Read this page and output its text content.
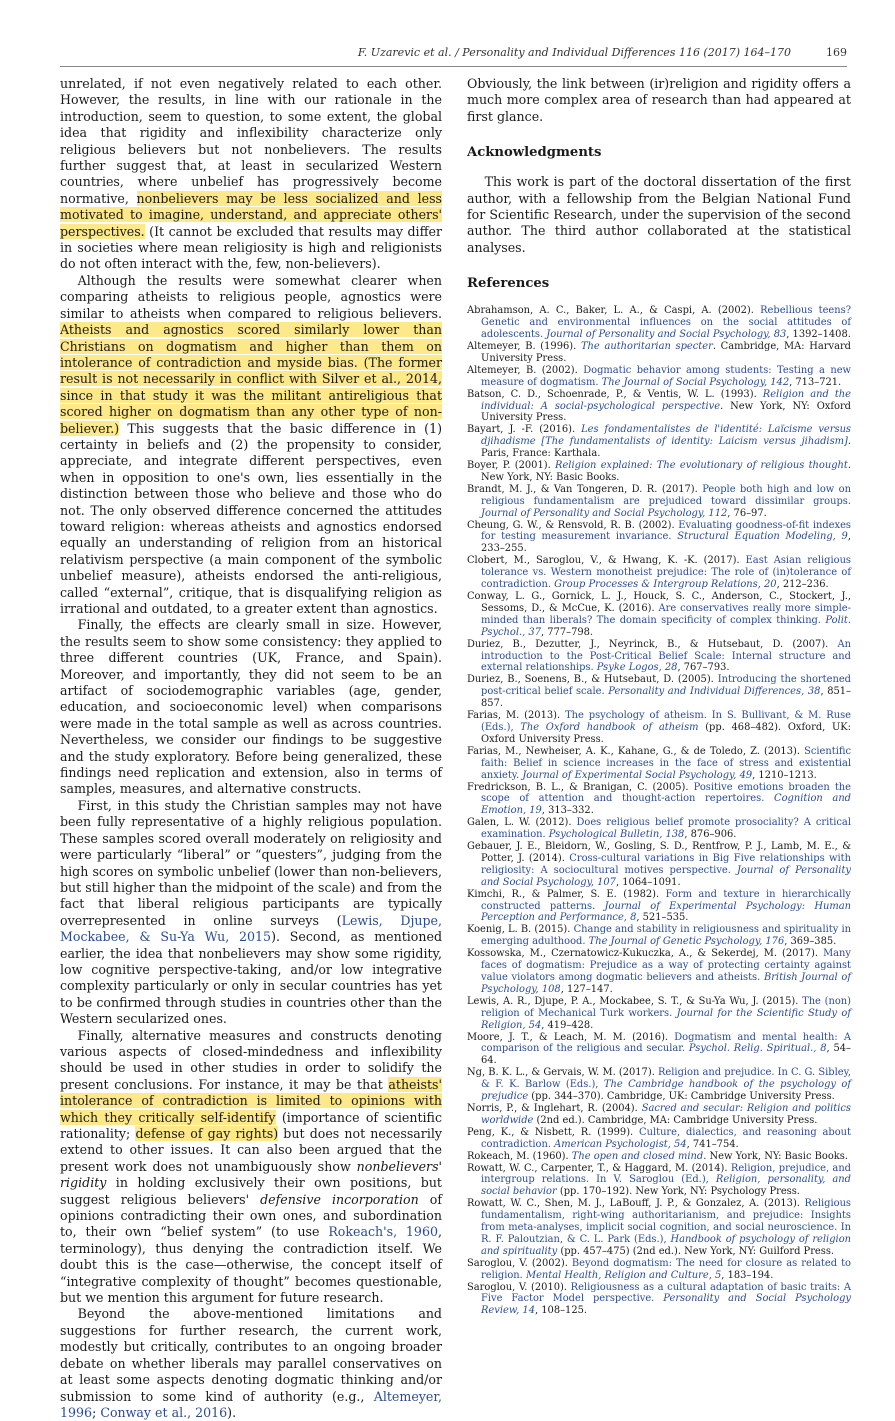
F. Uzarevic et al. / Personality and Individual Differences 116 (2017) 164–170	169

unrelated, if not even negatively related to each other. However, the results, in line with our rationale in the introduction, seem to question, to some extent, the global idea that rigidity and inflexibility characterize only religious believers but not nonbelievers. The results further suggest that, at least in secularized Western countries, where unbelief has progressively become normative, nonbelievers may be less socialized and less motivated to imagine, understand, and appreciate others' perspectives. (It cannot be excluded that results may differ in societies where mean religiosity is high and religionists do not often interact with the, few, non-believers).

Although the results were somewhat clearer when comparing atheists to religious people, agnostics were similar to atheists when compared to religious believers. Atheists and agnostics scored similarly lower than Christians on dogmatism and higher than them on intolerance of contradiction and myside bias. (The former result is not necessarily in conflict with Silver et al., 2014, since in that study it was the militant antireligious that scored higher on dogmatism than any other type of non-believer.) This suggests that the basic difference in (1) certainty in beliefs and (2) the propensity to consider, appreciate, and integrate different perspectives, even when in opposition to one's own, lies essentially in the distinction between those who believe and those who do not. The only observed difference concerned the attitudes toward religion: whereas atheists and agnostics endorsed equally an understanding of religion from an historical relativism perspective (a main component of the symbolic unbelief measure), atheists endorsed the anti-religious, called “external”, critique, that is disqualifying religion as irrational and outdated, to a greater extent than agnostics.

Finally, the effects are clearly small in size. However, the results seem to show some consistency: they applied to three different countries (UK, France, and Spain). Moreover, and importantly, they did not seem to be an artifact of sociodemographic variables (age, gender, education, and socioeconomic level) when comparisons were made in the total sample as well as across countries. Nevertheless, we consider our findings to be suggestive and the study exploratory. Before being generalized, these findings need replication and extension, also in terms of samples, measures, and alternative constructs.

First, in this study the Christian samples may not have been fully representative of a highly religious population. These samples scored overall moderately on religiosity and were particularly “liberal” or “questers”, judging from the high scores on symbolic unbelief (lower than non-believers, but still higher than the midpoint of the scale) and from the fact that liberal religious participants are typically overrepresented in online surveys (Lewis, Djupe, Mockabee, & Su-Ya Wu, 2015). Second, as mentioned earlier, the idea that nonbelievers may show some rigidity, low cognitive perspective-taking, and/or low integrative complexity particularly or only in secular countries has yet to be confirmed through studies in countries other than the Western secularized ones.

Finally, alternative measures and constructs denoting various aspects of closed-mindedness and inflexibility should be used in other studies in order to solidify the present conclusions. For instance, it may be that atheists' intolerance of contradiction is limited to opinions with which they critically self-identify (importance of scientific rationality; defense of gay rights) but does not necessarily extend to other issues. It can also been argued that the present work does not unambiguously show nonbelievers' rigidity in holding exclusively their own positions, but suggest religious believers' defensive incorporation of opinions contradicting their own ones, and subordination to, their own “belief system” (to use Rokeach's, 1960, terminology), thus denying the contradiction itself. We doubt this is the case—otherwise, the concept itself of “integrative complexity of thought” becomes questionable, but we mention this argument for future research.

Beyond the above-mentioned limitations and suggestions for further research, the current work, modestly but critically, contributes to an ongoing broader debate on whether liberals may parallel conservatives on at least some aspects denoting dogmatic thinking and/or submission to some kind of authority (e.g., Altemeyer, 1996; Conway et al., 2016).

Obviously, the link between (ir)religion and rigidity offers a much more complex area of research than had appeared at first glance.

Acknowledgments

This work is part of the doctoral dissertation of the first author, with a fellowship from the Belgian National Fund for Scientific Research, under the supervision of the second author. The third author collaborated at the statistical analyses.

References
Abrahamson, A. C., Baker, L. A., & Caspi, A. (2002). Rebellious teens? Genetic and environmental influences on the social attitudes of adolescents. Journal of Personality and Social Psychology, 83, 1392–1408.
Altemeyer, B. (1996). The authoritarian specter. Cambridge, MA: Harvard University Press.
Altemeyer, B. (2002). Dogmatic behavior among students: Testing a new measure of dogmatism. The Journal of Social Psychology, 142, 713–721.
Batson, C. D., Schoenrade, P., & Ventis, W. L. (1993). Religion and the individual: A social-psychological perspective. New York, NY: Oxford University Press.
Bayart, J. -F. (2016). Les fondamentalistes de l'identité: Laïcisme versus djihadisme [The fundamentalists of identity: Laicism versus jihadism]. Paris, France: Karthala.
Boyer, P. (2001). Religion explained: The evolutionary of religious thought. New York, NY: Basic Books.
Brandt, M. J., & Van Tongeren, D. R. (2017). People both high and low on religious fundamentalism are prejudiced toward dissimilar groups. Journal of Personality and Social Psychology, 112, 76–97.
Cheung, G. W., & Rensvold, R. B. (2002). Evaluating goodness-of-fit indexes for testing measurement invariance. Structural Equation Modeling, 9, 233–255.
Clobert, M., Saroglou, V., & Hwang, K. -K. (2017). East Asian religious tolerance vs. Western monotheist prejudice: The role of (in)tolerance of contradiction. Group Processes & Intergroup Relations, 20, 212–236.
Conway, L. G., Gornick, L. J., Houck, S. C., Anderson, C., Stockert, J., Sessoms, D., & McCue, K. (2016). Are conservatives really more simple-minded than liberals? The domain specificity of complex thinking. Polit. Psychol., 37, 777–798.
Duriez, B., Dezutter, J., Neyrinck, B., & Hutsebaut, D. (2007). An introduction to the Post-Critical Belief Scale: Internal structure and external relationships. Psyke Logos, 28, 767–793.
Duriez, B., Soenens, B., & Hutsebaut, D. (2005). Introducing the shortened post-critical belief scale. Personality and Individual Differences, 38, 851–857.
Farias, M. (2013). The psychology of atheism. In S. Bullivant, & M. Ruse (Eds.), The Oxford handbook of atheism (pp. 468–482). Oxford, UK: Oxford University Press.
Farias, M., Newheiser, A. K., Kahane, G., & de Toledo, Z. (2013). Scientific faith: Belief in science increases in the face of stress and existential anxiety. Journal of Experimental Social Psychology, 49, 1210–1213.
Fredrickson, B. L., & Branigan, C. (2005). Positive emotions broaden the scope of attention and thought-action repertoires. Cognition and Emotion, 19, 313–332.
Galen, L. W. (2012). Does religious belief promote prosociality? A critical examination. Psychological Bulletin, 138, 876–906.
Gebauer, J. E., Bleidorn, W., Gosling, S. D., Rentfrow, P. J., Lamb, M. E., & Potter, J. (2014). Cross-cultural variations in Big Five relationships with religiosity: A sociocultural motives perspective. Journal of Personality and Social Psychology, 107, 1064–1091.
Kimchi, R., & Palmer, S. E. (1982). Form and texture in hierarchically constructed patterns. Journal of Experimental Psychology: Human Perception and Performance, 8, 521–535.
Koenig, L. B. (2015). Change and stability in religiousness and spirituality in emerging adulthood. The Journal of Genetic Psychology, 176, 369–385.
Kossowska, M., Czernatowicz-Kukuczka, A., & Sekerdej, M. (2017). Many faces of dogmatism: Prejudice as a way of protecting certainty against value violators among dogmatic believers and atheists. British Journal of Psychology, 108, 127–147.
Lewis, A. R., Djupe, P. A., Mockabee, S. T., & Su-Ya Wu, J. (2015). The (non) religion of Mechanical Turk workers. Journal for the Scientific Study of Religion, 54, 419–428.
Moore, J. T., & Leach, M. M. (2016). Dogmatism and mental health: A comparison of the religious and secular. Psychol. Relig. Spiritual., 8, 54–64.
Ng, B. K. L., & Gervais, W. M. (2017). Religion and prejudice. In C. G. Sibley, & F. K. Barlow (Eds.), The Cambridge handbook of the psychology of prejudice (pp. 344–370). Cambridge, UK: Cambridge University Press.
Norris, P., & Inglehart, R. (2004). Sacred and secular: Religion and politics worldwide (2nd ed.). Cambridge, MA: Cambridge University Press.
Peng, K., & Nisbett, R. (1999). Culture, dialectics, and reasoning about contradiction. American Psychologist, 54, 741–754.
Rokeach, M. (1960). The open and closed mind. New York, NY: Basic Books.
Rowatt, W. C., Carpenter, T., & Haggard, M. (2014). Religion, prejudice, and intergroup relations. In V. Saroglou (Ed.), Religion, personality, and social behavior (pp. 170–192). New York, NY: Psychology Press.
Rowatt, W. C., Shen, M. J., LaBouff, J. P., & Gonzalez, A. (2013). Religious fundamentalism, right-wing authoritarianism, and prejudice: Insights from meta-analyses, implicit social cognition, and social neuroscience. In R. F. Paloutzian, & C. L. Park (Eds.), Handbook of psychology of religion and spirituality (pp. 457–475) (2nd ed.). New York, NY: Guilford Press.
Saroglou, V. (2002). Beyond dogmatism: The need for closure as related to religion. Mental Health, Religion and Culture, 5, 183–194.
Saroglou, V. (2010). Religiousness as a cultural adaptation of basic traits: A Five Factor Model perspective. Personality and Social Psychology Review, 14, 108–125.
